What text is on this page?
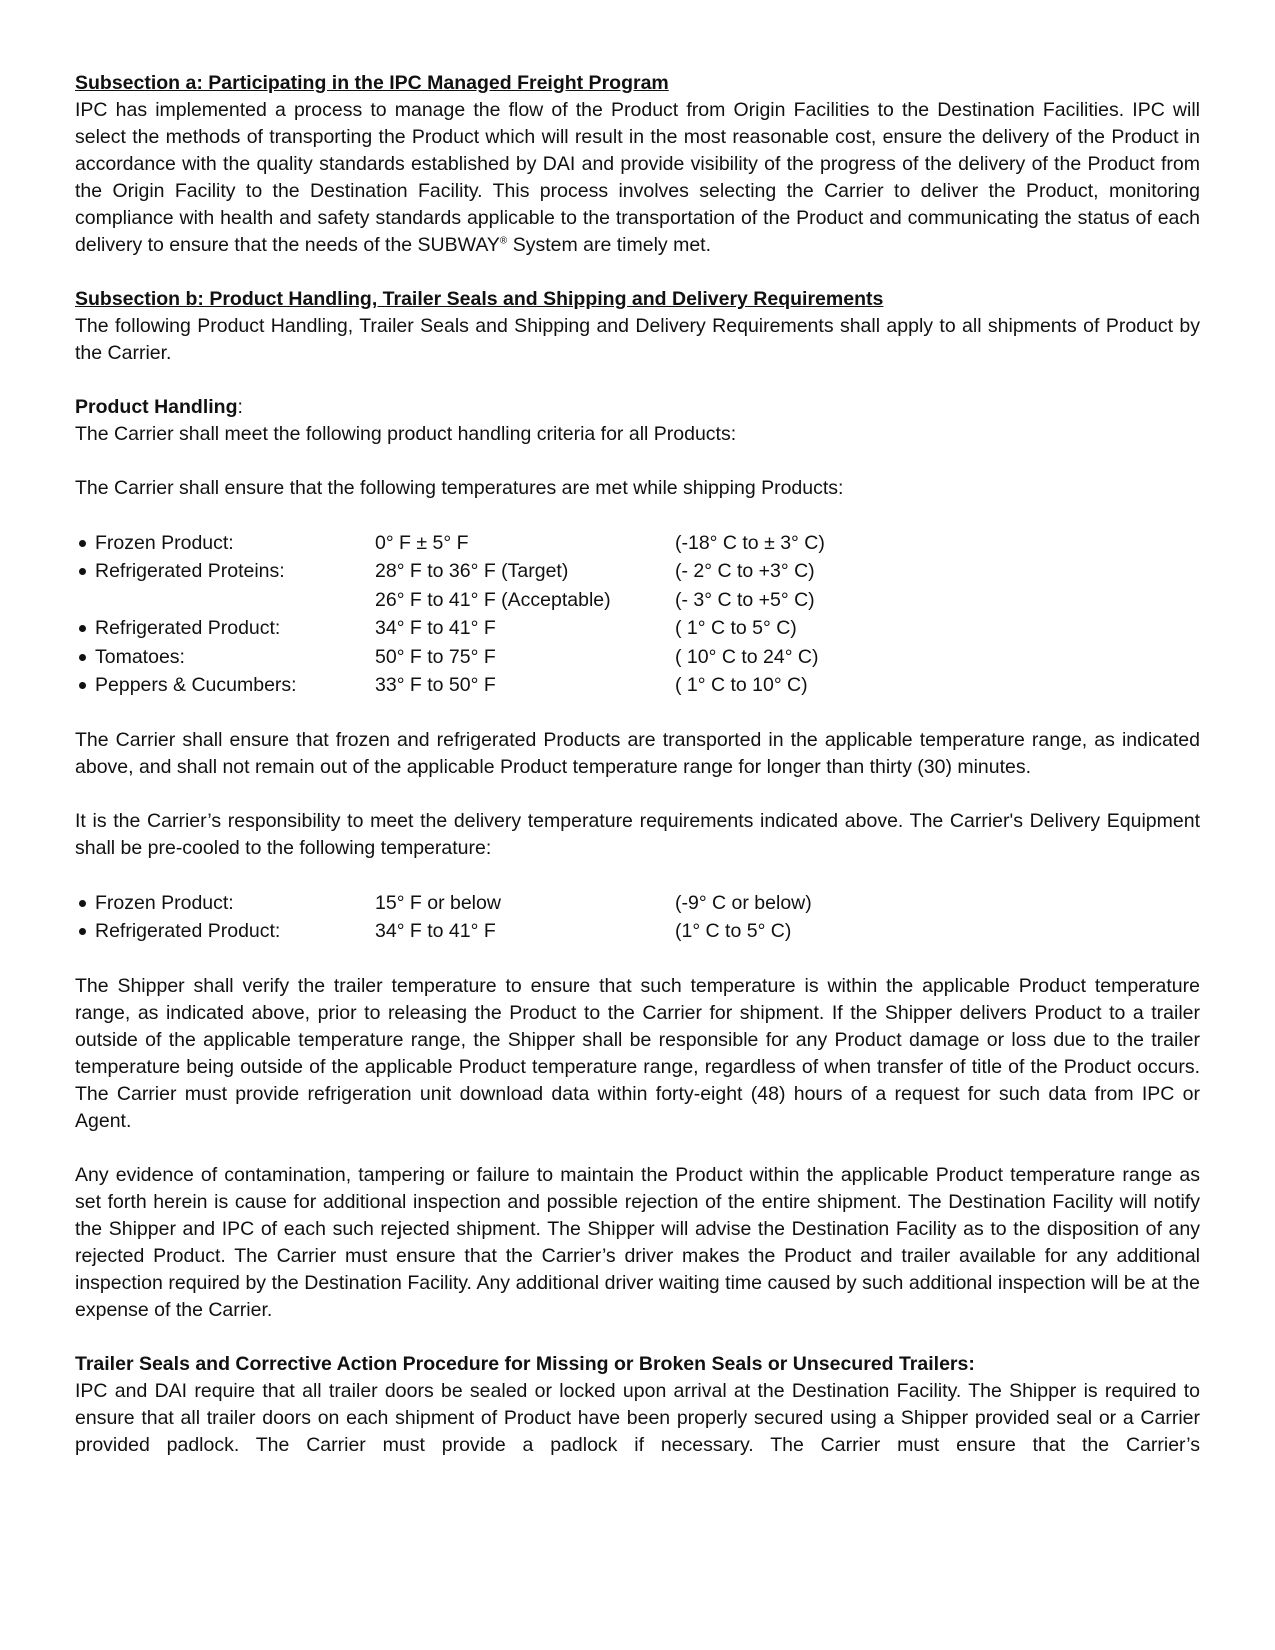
Subsection a: Participating in the IPC Managed Freight Program

IPC has implemented a process to manage the flow of the Product from Origin Facilities to the Destination Facilities. IPC will select the methods of transporting the Product which will result in the most reasonable cost, ensure the delivery of the Product in accordance with the quality standards established by DAI and provide visibility of the progress of the delivery of the Product from the Origin Facility to the Destination Facility. This process involves selecting the Carrier to deliver the Product, monitoring compliance with health and safety standards applicable to the transportation of the Product and communicating the status of each delivery to ensure that the needs of the SUBWAY® System are timely met.

Subsection b: Product Handling, Trailer Seals and Shipping and Delivery Requirements

The following Product Handling, Trailer Seals and Shipping and Delivery Requirements shall apply to all shipments of Product by the Carrier.

Product Handling:

The Carrier shall meet the following product handling criteria for all Products:

The Carrier shall ensure that the following temperatures are met while shipping Products:

Frozen Product:	0° F ± 5° F	(-18° C to ± 3° C)
Refrigerated Proteins:	28° F to 36° F (Target)	(- 2° C to +3° C)
26° F to 41° F (Acceptable)	(- 3° C to +5° C)
Refrigerated Product:	34° F to 41° F	( 1° C to 5° C)
Tomatoes:	50° F to 75° F	( 10° C to 24° C)
Peppers & Cucumbers:	33° F to 50° F	( 1° C to 10° C)

The Carrier shall ensure that frozen and refrigerated Products are transported in the applicable temperature range, as indicated above, and shall not remain out of the applicable Product temperature range for longer than thirty (30) minutes.

It is the Carrier’s responsibility to meet the delivery temperature requirements indicated above. The Carrier's Delivery Equipment shall be pre-cooled to the following temperature:

Frozen Product:	15° F or below	(-9° C or below)
Refrigerated Product:	34° F to 41° F	(1° C to 5° C)

The Shipper shall verify the trailer temperature to ensure that such temperature is within the applicable Product temperature range, as indicated above, prior to releasing the Product to the Carrier for shipment. If the Shipper delivers Product to a trailer outside of the applicable temperature range, the Shipper shall be responsible for any Product damage or loss due to the trailer temperature being outside of the applicable Product temperature range, regardless of when transfer of title of the Product occurs. The Carrier must provide refrigeration unit download data within forty-eight (48) hours of a request for such data from IPC or Agent.

Any evidence of contamination, tampering or failure to maintain the Product within the applicable Product temperature range as set forth herein is cause for additional inspection and possible rejection of the entire shipment. The Destination Facility will notify the Shipper and IPC of each such rejected shipment. The Shipper will advise the Destination Facility as to the disposition of any rejected Product. The Carrier must ensure that the Carrier’s driver makes the Product and trailer available for any additional inspection required by the Destination Facility. Any additional driver waiting time caused by such additional inspection will be at the expense of the Carrier.

Trailer Seals and Corrective Action Procedure for Missing or Broken Seals or Unsecured Trailers:

IPC and DAI require that all trailer doors be sealed or locked upon arrival at the Destination Facility. The Shipper is required to ensure that all trailer doors on each shipment of Product have been properly secured using a Shipper provided seal or a Carrier provided padlock. The Carrier must provide a padlock if necessary. The Carrier must ensure that the Carrier’s
